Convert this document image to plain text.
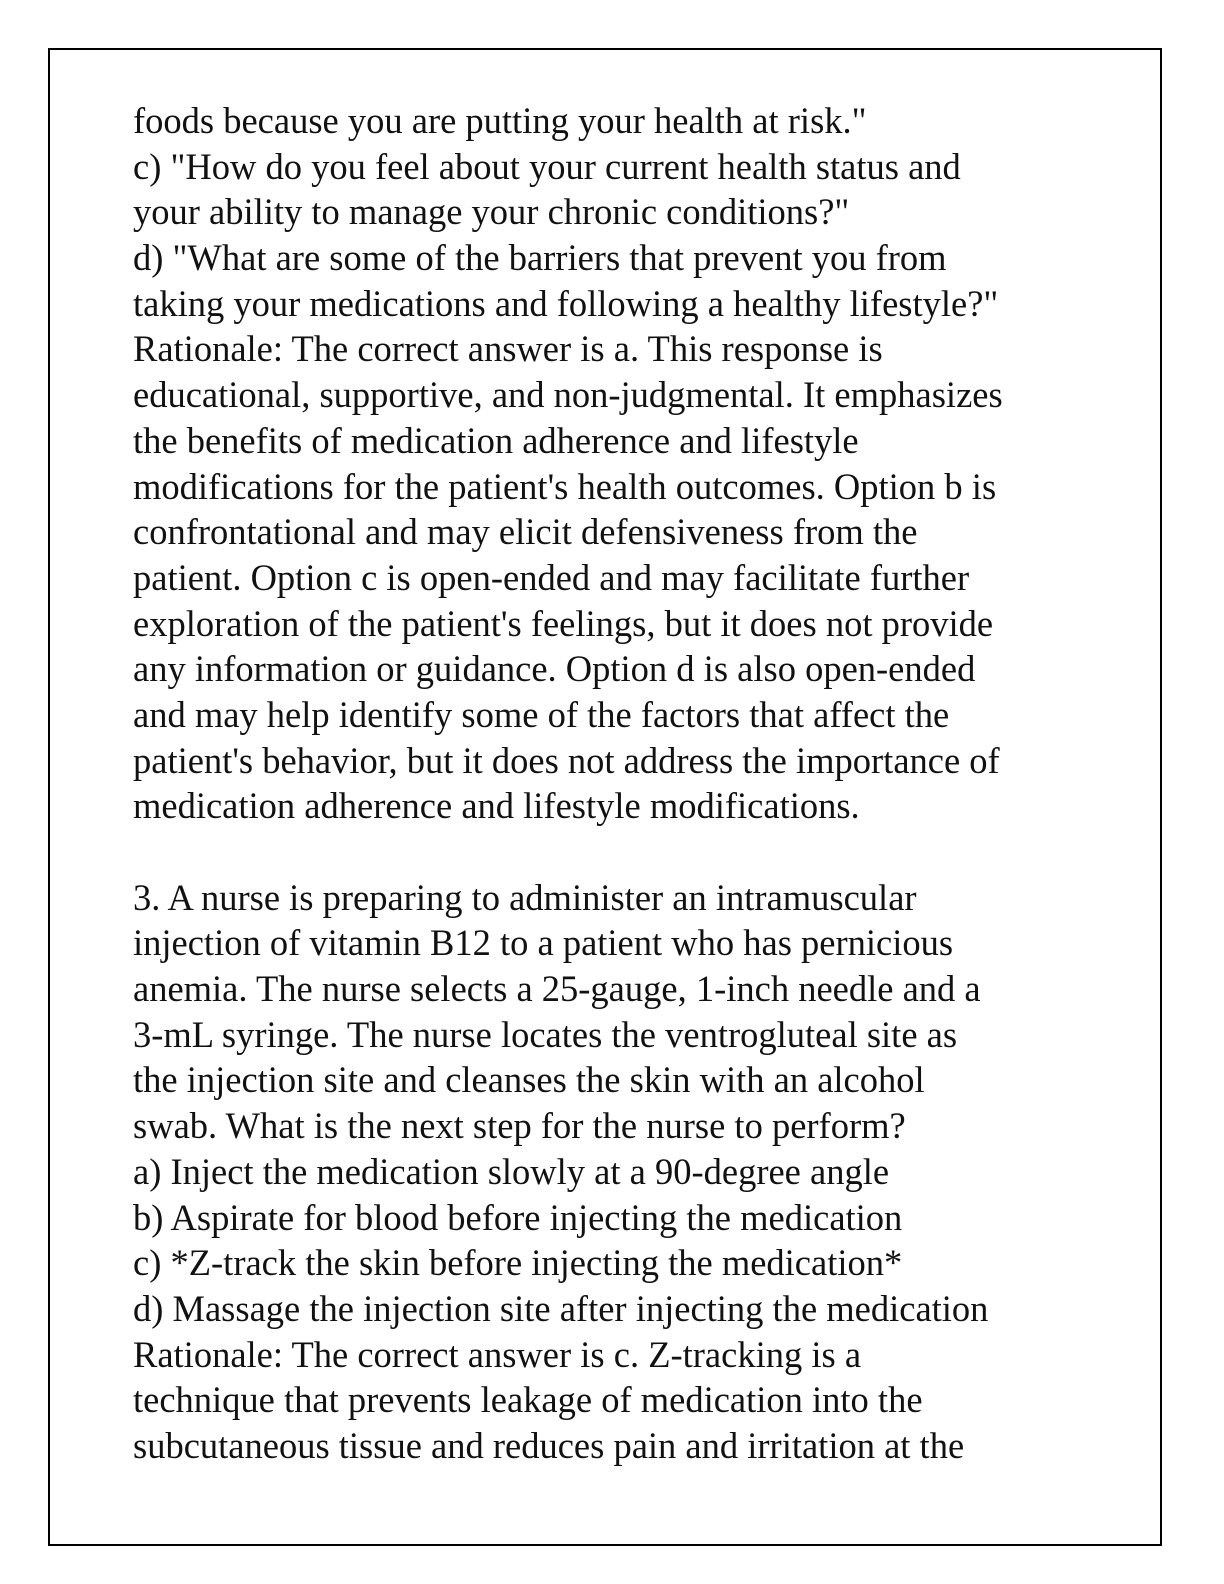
foods because you are putting your health at risk."
c) "How do you feel about your current health status and
your ability to manage your chronic conditions?"
d) "What are some of the barriers that prevent you from
taking your medications and following a healthy lifestyle?"
Rationale: The correct answer is a. This response is
educational, supportive, and non-judgmental. It emphasizes
the benefits of medication adherence and lifestyle
modifications for the patient's health outcomes. Option b is
confrontational and may elicit defensiveness from the
patient. Option c is open-ended and may facilitate further
exploration of the patient's feelings, but it does not provide
any information or guidance. Option d is also open-ended
and may help identify some of the factors that affect the
patient's behavior, but it does not address the importance of
medication adherence and lifestyle modifications.
3. A nurse is preparing to administer an intramuscular
injection of vitamin B12 to a patient who has pernicious
anemia. The nurse selects a 25-gauge, 1-inch needle and a
3-mL syringe. The nurse locates the ventrogluteal site as
the injection site and cleanses the skin with an alcohol
swab. What is the next step for the nurse to perform?
a) Inject the medication slowly at a 90-degree angle
b) Aspirate for blood before injecting the medication
c) *Z-track the skin before injecting the medication*
d) Massage the injection site after injecting the medication
Rationale: The correct answer is c. Z-tracking is a
technique that prevents leakage of medication into the
subcutaneous tissue and reduces pain and irritation at the
